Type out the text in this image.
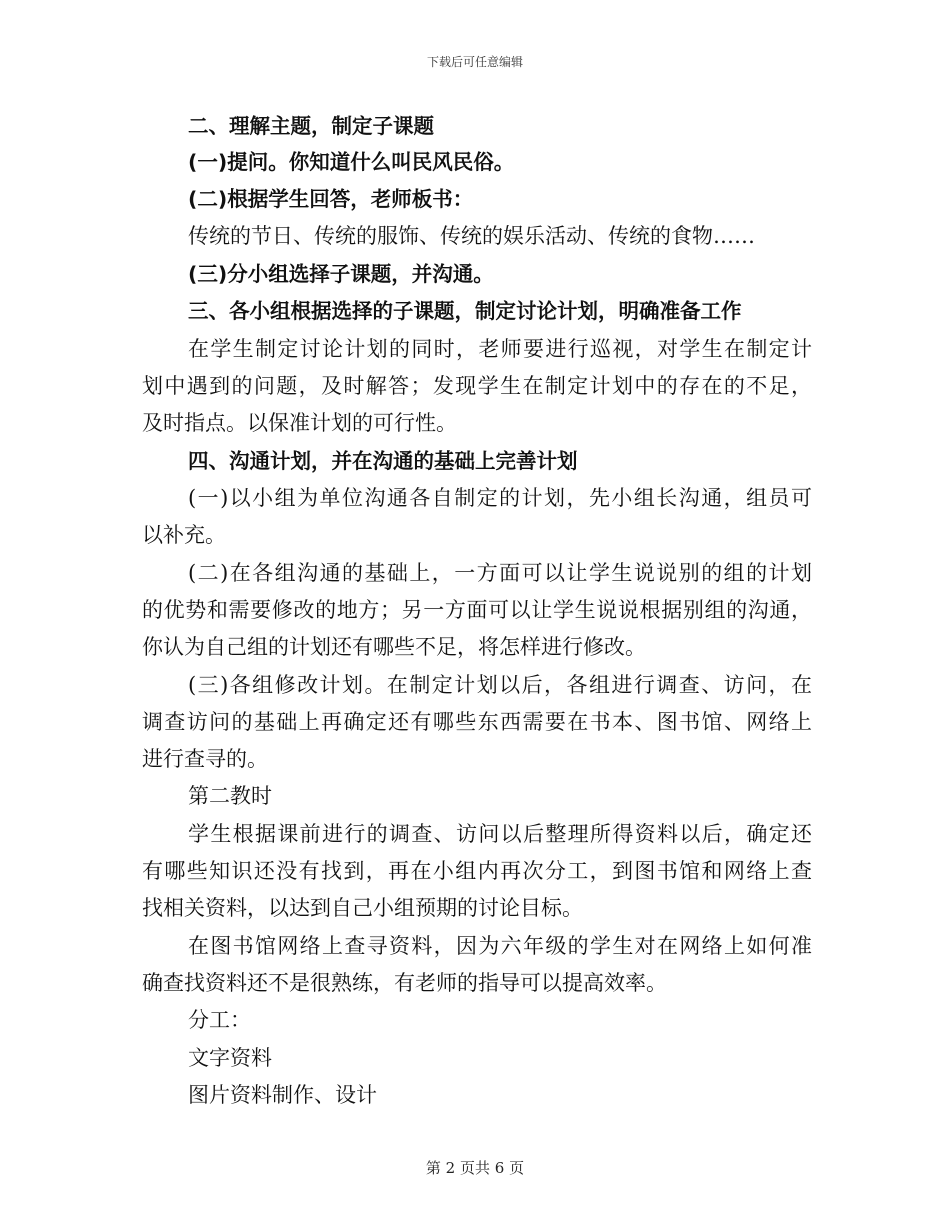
下载后可任意编辑
二、理解主题，制定子课题
(一)提问。你知道什么叫民风民俗。
(二)根据学生回答，老师板书：
传统的节日、传统的服饰、传统的娱乐活动、传统的食物……
(三)分小组选择子课题，并沟通。
三、各小组根据选择的子课题，制定讨论计划，明确准备工作
在学生制定讨论计划的同时，老师要进行巡视，对学生在制定计
划中遇到的问题，及时解答；发现学生在制定计划中的存在的不足，
及时指点。以保准计划的可行性。
四、沟通计划，并在沟通的基础上完善计划
(一)以小组为单位沟通各自制定的计划，先小组长沟通，组员可
以补充。
(二)在各组沟通的基础上，一方面可以让学生说说别的组的计划
的优势和需要修改的地方；另一方面可以让学生说说根据别组的沟通，
你认为自己组的计划还有哪些不足，将怎样进行修改。
(三)各组修改计划。在制定计划以后，各组进行调查、访问，在
调查访问的基础上再确定还有哪些东西需要在书本、图书馆、网络上
进行查寻的。
第二教时
学生根据课前进行的调查、访问以后整理所得资料以后，确定还
有哪些知识还没有找到，再在小组内再次分工，到图书馆和网络上查
找相关资料，以达到自己小组预期的讨论目标。
在图书馆网络上查寻资料，因为六年级的学生对在网络上如何准
确查找资料还不是很熟练，有老师的指导可以提高效率。
分工：
文字资料
图片资料制作、设计
第 2 页共 6 页
